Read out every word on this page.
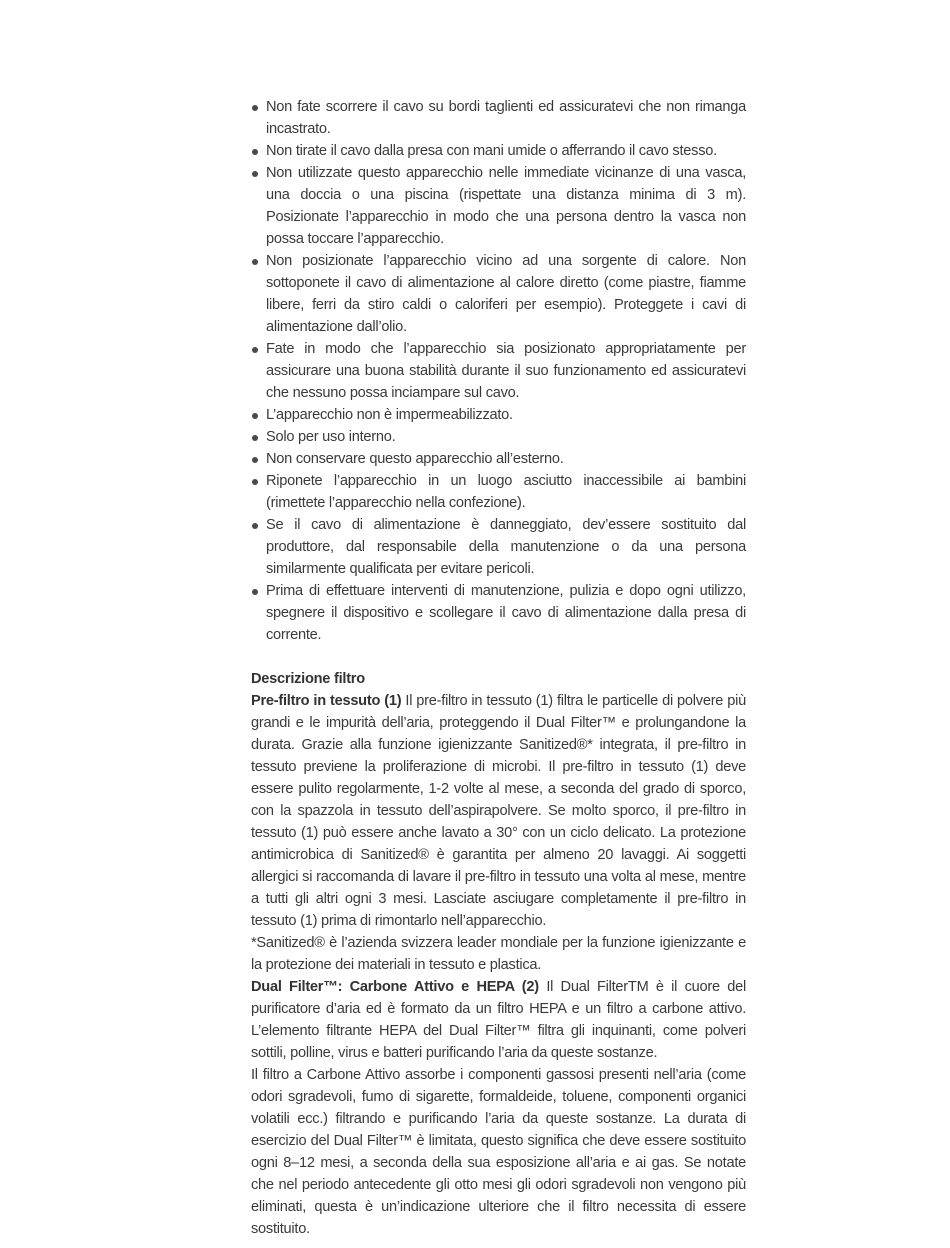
Non fate scorrere il cavo su bordi taglienti ed assicuratevi che non rimanga incastrato.
Non tirate il cavo dalla presa con mani umide o afferrando il cavo stesso.
Non utilizzate questo apparecchio nelle immediate vicinanze di una vasca, una doccia o una piscina (rispettate una distanza minima di 3 m). Posizionate l’apparecchio in modo che una persona dentro la vasca non possa toccare l’apparecchio.
Non posizionate l’apparecchio vicino ad una sorgente di calore. Non sottoponete il cavo di alimentazione al calore diretto (come piastre, fiamme libere, ferri da stiro caldi o caloriferi per esempio). Proteggete i cavi di alimentazione dall’olio.
Fate in modo che l’apparecchio sia posizionato appropriatamente per assicurare una buona stabilità durante il suo funzionamento ed assicuratevi che nessuno possa inciampare sul cavo.
L’apparecchio non è impermeabilizzato.
Solo per uso interno.
Non conservare questo apparecchio all’esterno.
Riponete l’apparecchio in un luogo asciutto inaccessibile ai bambini (rimettete l’apparecchio nella confezione).
Se il cavo di alimentazione è danneggiato, dev’essere sostituito dal produttore, dal responsabile della manutenzione o da una persona similarmente qualificata per evitare pericoli.
Prima di effettuare interventi di manutenzione, pulizia e dopo ogni utilizzo, spegnere il dispositivo e scollegare il cavo di alimentazione dalla presa di corrente.
Descrizione filtro

Pre-filtro in tessuto (1) Il pre-filtro in tessuto (1) filtra le particelle di polvere più grandi e le impurità dell’aria, proteggendo il Dual Filter™ e prolungandone la durata. Grazie alla funzione igienizzante Sanitized®* integrata, il pre-filtro in tessuto previene la proliferazione di microbi. Il pre-filtro in tessuto (1) deve essere pulito regolarmente, 1-2 volte al mese, a seconda del grado di sporco, con la spazzola in tessuto dell’aspirapolvere. Se molto sporco, il pre-filtro in tessuto (1) può essere anche lavato a 30° con un ciclo delicato. La protezione antimicrobica di Sanitized® è garantita per almeno 20 lavaggi. Ai soggetti allergici si raccomanda di lavare il pre-filtro in tessuto una volta al mese, mentre a tutti gli altri ogni 3 mesi. Lasciate asciugare completamente il pre-filtro in tessuto (1) prima di rimontarlo nell’apparecchio.

*Sanitized® è l’azienda svizzera leader mondiale per la funzione igienizzante e la protezione dei materiali in tessuto e plastica.

Dual Filter™: Carbone Attivo e HEPA (2) Il Dual FilterTM è il cuore del purificatore d’aria ed è formato da un filtro HEPA e un filtro a carbone attivo. L’elemento filtrante HEPA del Dual Filter™ filtra gli inquinanti, come polveri sottili, polline, virus e batteri purificando l’aria da queste sostanze.

Il filtro a Carbone Attivo assorbe i componenti gassosi presenti nell’aria (come odori sgradevoli, fumo di sigarette, formaldeide, toluene, componenti organici volatili ecc.) filtrando e purificando l’aria da queste sostanze. La durata di esercizio del Dual Filter™ è limitata, questo significa che deve essere sostituito ogni 8–12 mesi, a seconda della sua esposizione all’aria e ai gas. Se notate che nel periodo antecedente gli otto mesi gli odori sgradevoli non vengono più eliminati, questa è un’indicazione ulteriore che il filtro necessita di essere sostituito.
